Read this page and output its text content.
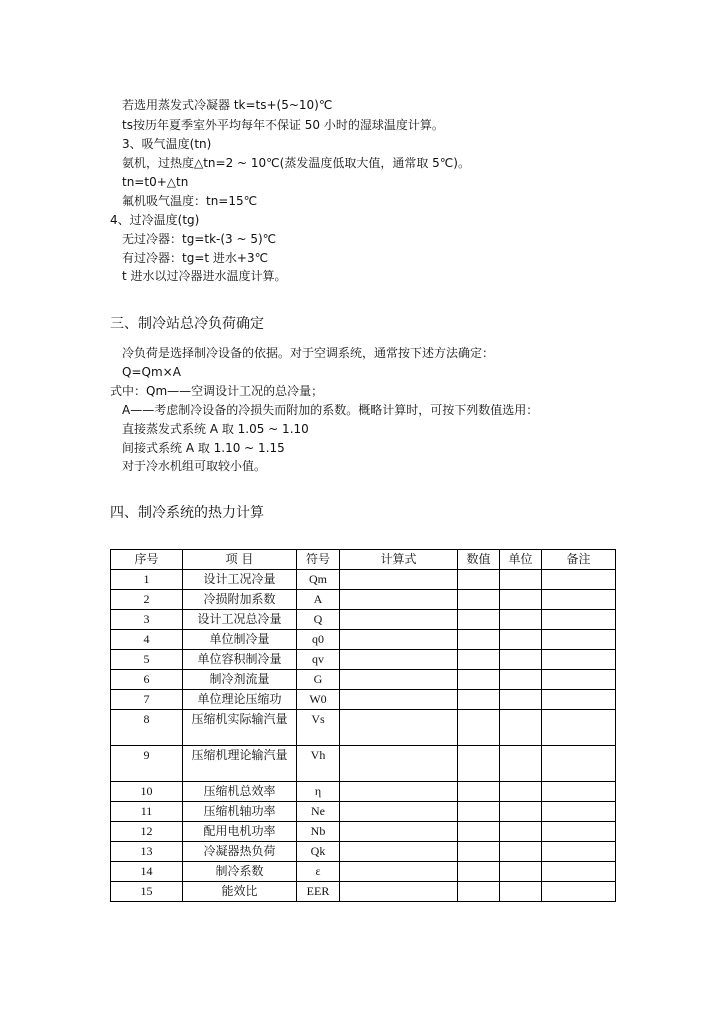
若选用蒸发式冷凝器 tk=ts+(5~10)℃
ts按历年夏季室外平均每年不保证 50 小时的湿球温度计算。
3、吸气温度(tn)
氨机，过热度△tn=2 ~ 10℃(蒸发温度低取大值，通常取 5℃)。
tn=t0+△tn
氟机吸气温度：tn=15℃
4、过冷温度(tg)
无过冷器：tg=tk-(3 ~ 5)℃
有过冷器：tg=t 进水+3℃
t 进水以过冷器进水温度计算。
三、制冷站总冷负荷确定
冷负荷是选择制冷设备的依据。对于空调系统，通常按下述方法确定：
Q=Qm×A
式中：Qm——空调设计工况的总冷量；
A——考虑制冷设备的冷损失而附加的系数。概略计算时，可按下列数值选用：
直接蒸发式系统 A 取 1.05 ~ 1.10
间接式系统 A 取 1.10 ~ 1.15
对于冷水机组可取较小值。
四、制冷系统的热力计算
序号	项 目	符号	计算式	数值	单位	备注
1	设计工况冷量	Qm				
2	冷损附加系数	A				
3	设计工况总冷量	Q				
4	单位制冷量	q0				
5	单位容积制冷量	qv				
6	制冷剂流量	G				
7	单位理论压缩功	W0				
8	压缩机实际输汽量	Vs				
9	压缩机理论输汽量	Vh				
10	压缩机总效率	η				
11	压缩机轴功率	Ne				
12	配用电机功率	Nb				
13	冷凝器热负荷	Qk				
14	制冷系数	ε				
15	能效比	EER				
